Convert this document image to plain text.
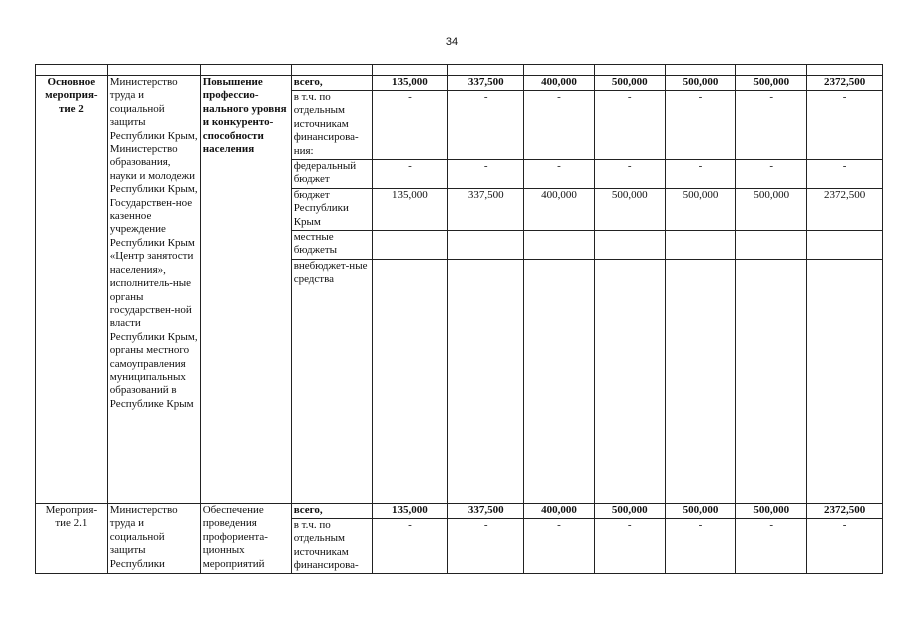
34

Основное мероприя-тие 2	Министерство труда и социальной защиты Республики Крым, Министерство образования, науки и молодежи Республики Крым, Государствен-ное казенное учреждение Республики Крым «Центр занятости населения», исполнитель-ные органы государствен-ной власти Республики Крым, органы местного самоуправления муниципальных образований в Республике Крым	Повышение профессио-нального уровня и конкуренто-способности населения	всего,	135,000	337,500	400,000	500,000	500,000	500,000	2372,500
			в т.ч. по отдельным источникам финансирова-ния:	-	-	-	-	-	-	-
			федеральный бюджет	-	-	-	-	-	-	-
			бюджет Республики Крым	135,000	337,500	400,000	500,000	500,000	500,000	2372,500
			местные бюджеты							
			внебюджет-ные средства							
Мероприя-тие 2.1	Министерство труда и социальной защиты Республики	Обеспечение проведения профориента-ционных мероприятий	всего,	135,000	337,500	400,000	500,000	500,000	500,000	2372,500
			в т.ч. по отдельным источникам финансирова-	-	-	-	-	-	-	-
